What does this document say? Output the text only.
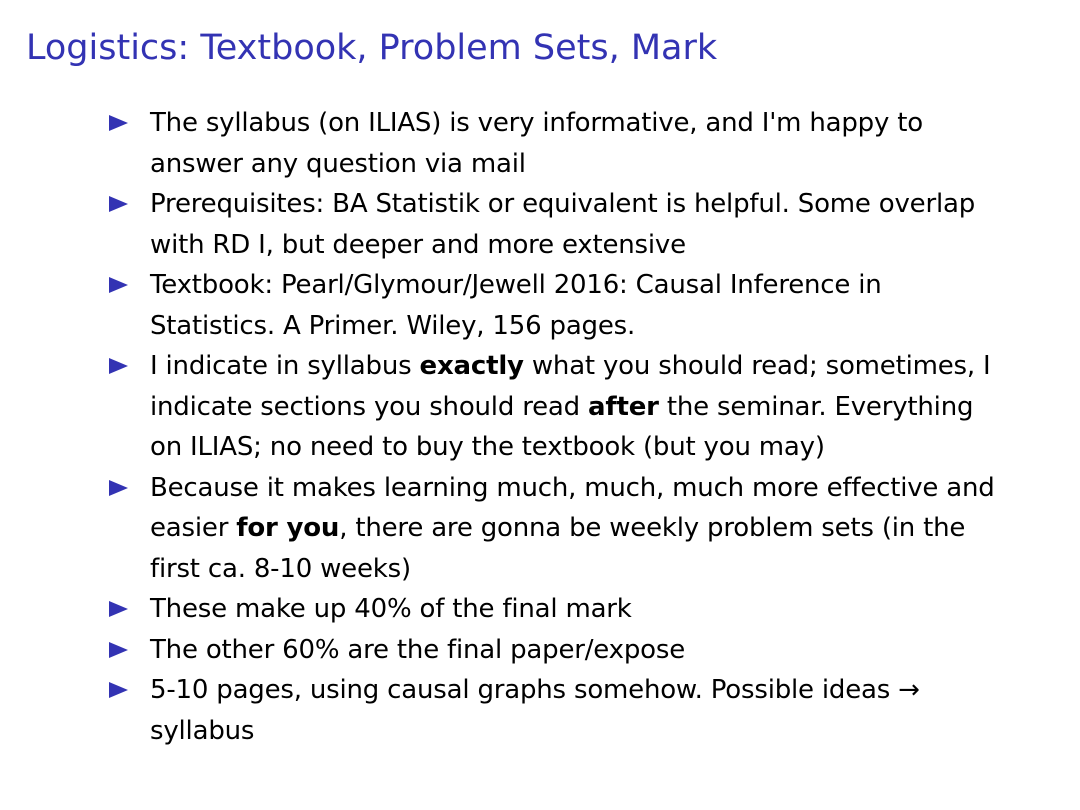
Logistics: Textbook, Problem Sets, Mark
The syllabus (on ILIAS) is very informative, and I'm happy to answer any question via mail
Prerequisites: BA Statistik or equivalent is helpful. Some overlap with RD I, but deeper and more extensive
Textbook: Pearl/Glymour/Jewell 2016: Causal Inference in Statistics. A Primer. Wiley, 156 pages.
I indicate in syllabus exactly what you should read; sometimes, I indicate sections you should read after the seminar. Everything on ILIAS; no need to buy the textbook (but you may)
Because it makes learning much, much, much more effective and easier for you, there are gonna be weekly problem sets (in the first ca. 8-10 weeks)
These make up 40% of the final mark
The other 60% are the final paper/expose
5-10 pages, using causal graphs somehow. Possible ideas → syllabus
